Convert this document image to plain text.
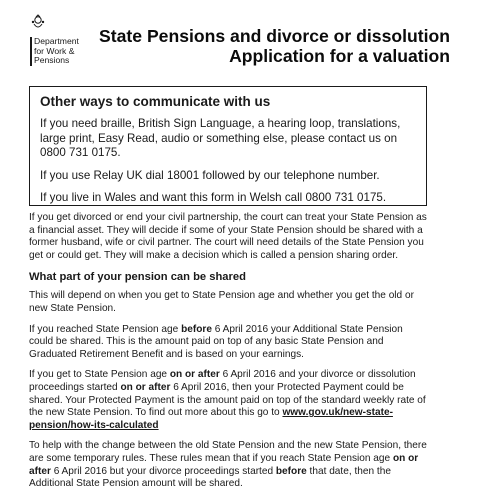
Department
for Work &
Pensions
State Pensions and divorce or dissolution
Application for a valuation
Other ways to communicate with us

If you need braille, British Sign Language, a hearing loop, translations, large print, Easy Read, audio or something else, please contact us on 0800 731 0175.

If you use Relay UK dial 18001 followed by our telephone number.

If you live in Wales and want this form in Welsh call 0800 731 0175.

If you get divorced or end your civil partnership, the court can treat your State Pension as a financial asset. They will decide if some of your State Pension should be shared with a former husband, wife or civil partner. The court will need details of the State Pension you get or could get. They will make a decision which is called a pension sharing order.

What part of your pension can be shared

This will depend on when you get to State Pension age and whether you get the old or new State Pension.

If you reached State Pension age before 6 April 2016 your Additional State Pension could be shared. This is the amount paid on top of any basic State Pension and Graduated Retirement Benefit and is based on your earnings.

If you get to State Pension age on or after 6 April 2016 and your divorce or dissolution proceedings started on or after 6 April 2016, then your Protected Payment could be shared. Your Protected Payment is the amount paid on top of the standard weekly rate of the new State Pension. To find out more about this go to www.gov.uk/new-state-pension/how-its-calculated

To help with the change between the old State Pension and the new State Pension, there are some temporary rules. These rules mean that if you reach State Pension age on or after 6 April 2016 but your divorce proceedings started before that date, then the Additional State Pension amount will be shared.
